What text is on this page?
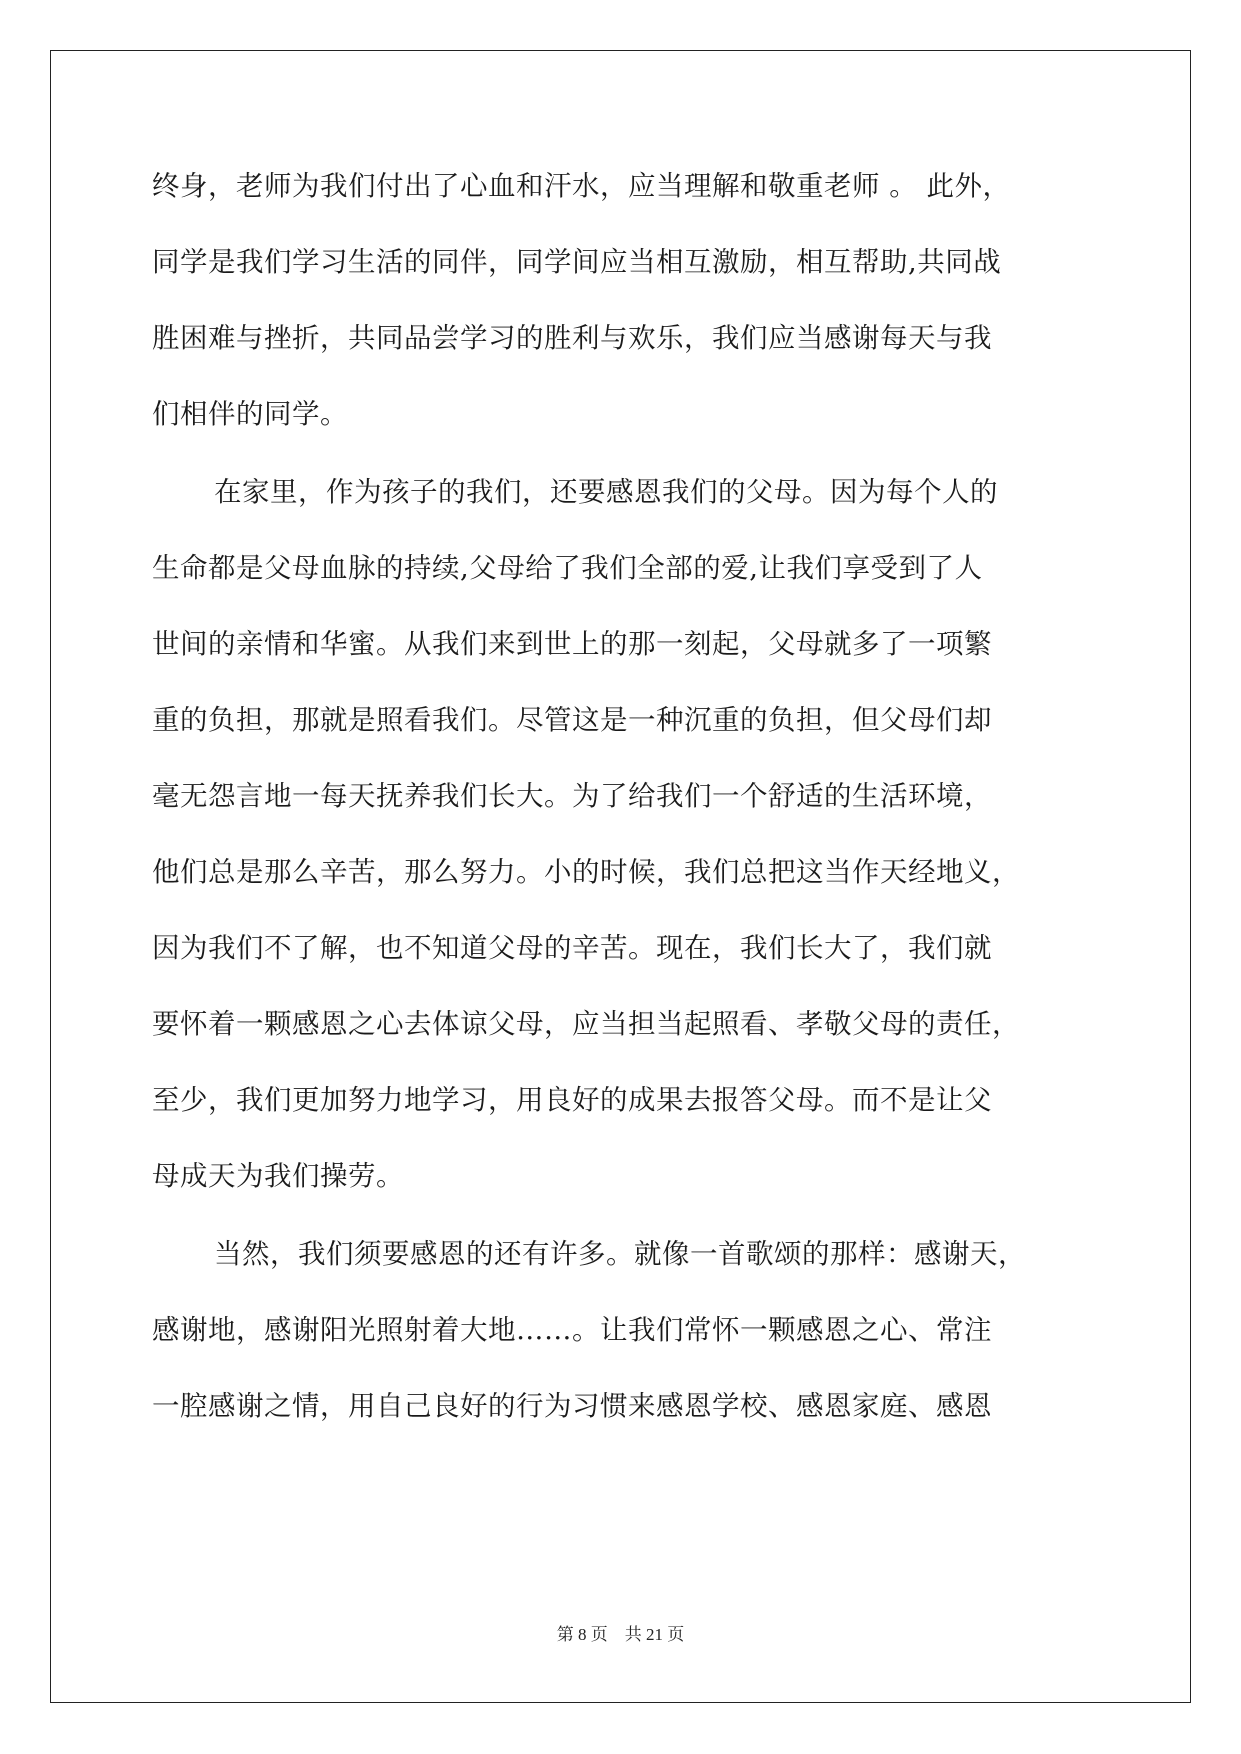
终身，老师为我们付出了心血和汗水，应当理解和敬重老师 。 此外，
同学是我们学习生活的同伴，同学间应当相互激励，相互帮助,共同战
胜困难与挫折，共同品尝学习的胜利与欢乐，我们应当感谢每天与我
们相伴的同学。
在家里，作为孩子的我们，还要感恩我们的父母。因为每个人的
生命都是父母血脉的持续,父母给了我们全部的爱,让我们享受到了人
世间的亲情和华蜜。从我们来到世上的那一刻起，父母就多了一项繁
重的负担，那就是照看我们。尽管这是一种沉重的负担，但父母们却
毫无怨言地一每天抚养我们长大。为了给我们一个舒适的生活环境，
他们总是那么辛苦，那么努力。小的时候，我们总把这当作天经地义，
因为我们不了解，也不知道父母的辛苦。现在，我们长大了，我们就
要怀着一颗感恩之心去体谅父母，应当担当起照看、孝敬父母的责任，
至少，我们更加努力地学习，用良好的成果去报答父母。而不是让父
母成天为我们操劳。
当然，我们须要感恩的还有许多。就像一首歌颂的那样：感谢天，
感谢地，感谢阳光照射着大地……。让我们常怀一颗感恩之心、常注
一腔感谢之情，用自己良好的行为习惯来感恩学校、感恩家庭、感恩
第 8 页　共 21 页
